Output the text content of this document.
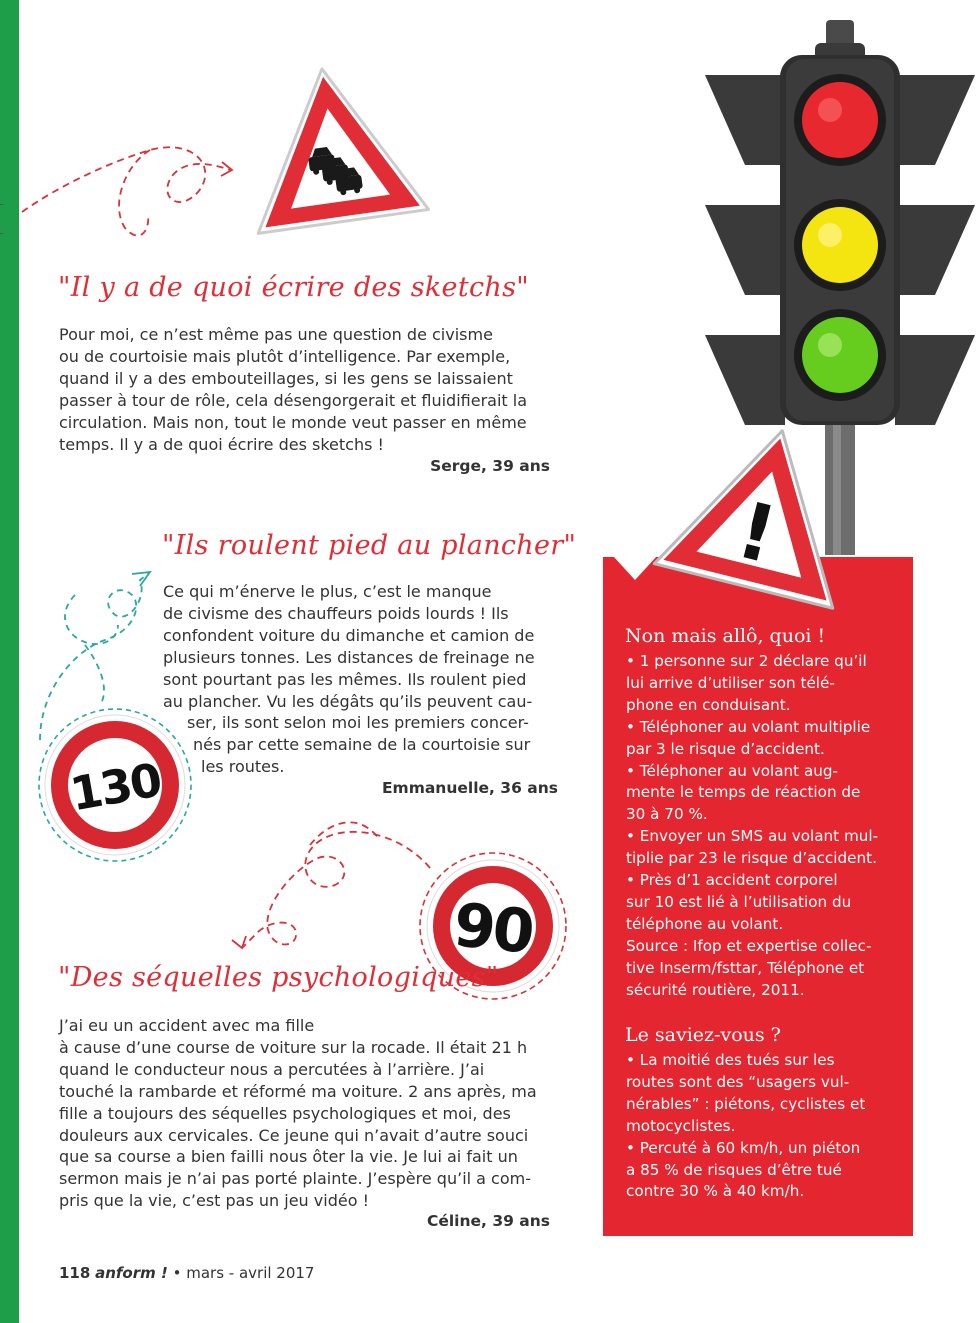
!
130
90
"Il y a de quoi écrire des sketchs"
Pour moi, ce n’est même pas une question de civisme
ou de courtoisie mais plutôt d’intelligence. Par exemple,
quand il y a des embouteillages, si les gens se laissaient
passer à tour de rôle, cela désengorgerait et fluidifierait la
circulation. Mais non, tout le monde veut passer en même
temps. Il y a de quoi écrire des sketchs !
Serge, 39 ans
"Ils roulent pied au plancher"
Ce qui m’énerve le plus, c’est le manque
de civisme des chauffeurs poids lourds ! Ils
confondent voiture du dimanche et camion de
plusieurs tonnes. Les distances de freinage ne
sont pourtant pas les mêmes. Ils roulent pied
au plancher. Vu les dégâts qu’ils peuvent cau-
ser, ils sont selon moi les premiers concer-
nés par cette semaine de la courtoisie sur
les routes.
Emmanuelle, 36 ans
"Des séquelles psychologiques"
J’ai eu un accident avec ma fille
à cause d’une course de voiture sur la rocade. Il était 21 h
quand le conducteur nous a percutées à l’arrière. J’ai
touché la rambarde et réformé ma voiture. 2 ans après, ma
fille a toujours des séquelles psychologiques et moi, des
douleurs aux cervicales. Ce jeune qui n’avait d’autre souci
que sa course a bien failli nous ôter la vie. Je lui ai fait un
sermon mais je n’ai pas porté plainte. J’espère qu’il a com-
pris que la vie, c’est pas un jeu vidéo !
Céline, 39 ans
Non mais allô, quoi !
• 1 personne sur 2 déclare qu’il
lui arrive d’utiliser son télé-
phone en conduisant.
• Téléphoner au volant multiplie
par 3 le risque d’accident.
• Téléphoner au volant aug-
mente le temps de réaction de
30 à 70 %.
• Envoyer un SMS au volant mul-
tiplie par 23 le risque d’accident.
• Près d’1 accident corporel
sur 10 est lié à l’utilisation du
téléphone au volant.
Source : Ifop et expertise collec-
tive Inserm/fsttar, Téléphone et
sécurité routière, 2011.
Le saviez-vous ?
• La moitié des tués sur les
routes sont des “usagers vul-
nérables” : piétons, cyclistes et
motocyclistes.
• Percuté à 60 km/h, un piéton
a 85 % de risques d’être tué
contre 30 % à 40 km/h.
118 anform ! • mars - avril 2017
